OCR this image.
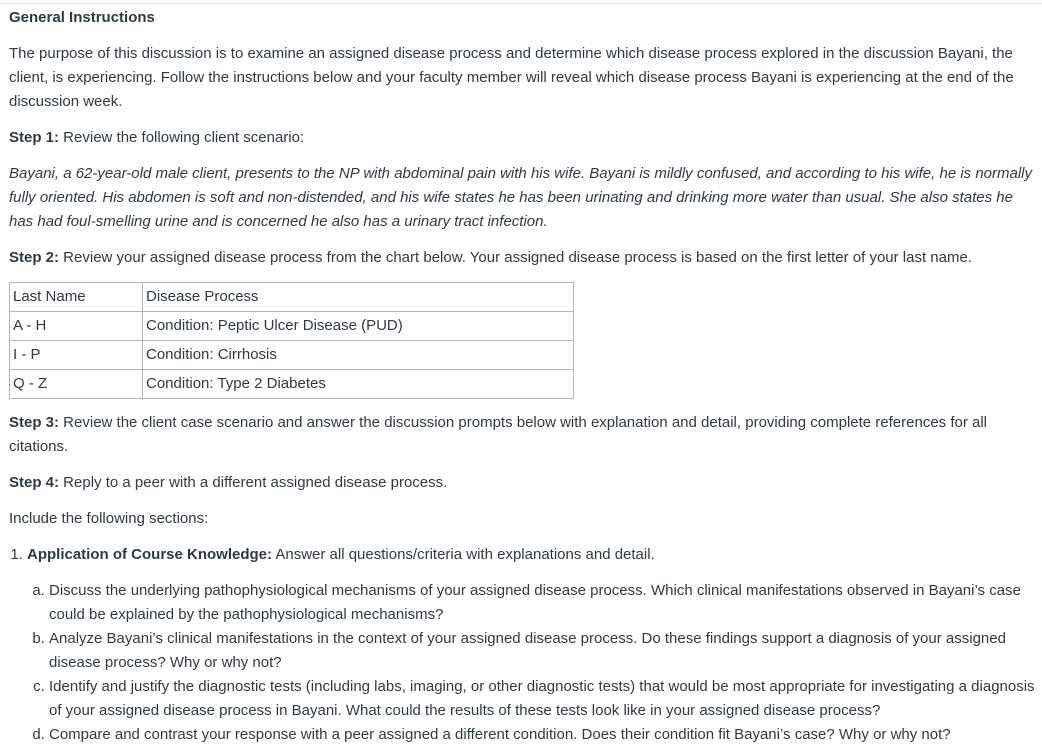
General Instructions

The purpose of this discussion is to examine an assigned disease process and determine which disease process explored in the discussion Bayani, the client, is experiencing. Follow the instructions below and your faculty member will reveal which disease process Bayani is experiencing at the end of the discussion week.

Step 1: Review the following client scenario:

Bayani, a 62-year-old male client, presents to the NP with abdominal pain with his wife. Bayani is mildly confused, and according to his wife, he is normally fully oriented. His abdomen is soft and non-distended, and his wife states he has been urinating and drinking more water than usual. She also states he has had foul-smelling urine and is concerned he also has a urinary tract infection.

Step 2: Review your assigned disease process from the chart below. Your assigned disease process is based on the first letter of your last name.

Last Name	Disease Process
A - H	Condition: Peptic Ulcer Disease (PUD)
I - P	Condition: Cirrhosis
Q - Z	Condition: Type 2 Diabetes

Step 3: Review the client case scenario and answer the discussion prompts below with explanation and detail, providing complete references for all citations.

Step 4: Reply to a peer with a different assigned disease process.

Include the following sections:

1. Application of Course Knowledge: Answer all questions/criteria with explanations and detail.
a. Discuss the underlying pathophysiological mechanisms of your assigned disease process. Which clinical manifestations observed in Bayani’s case could be explained by the pathophysiological mechanisms?
b. Analyze Bayani’s clinical manifestations in the context of your assigned disease process. Do these findings support a diagnosis of your assigned disease process? Why or why not?
c. Identify and justify the diagnostic tests (including labs, imaging, or other diagnostic tests) that would be most appropriate for investigating a diagnosis of your assigned disease process in Bayani. What could the results of these tests look like in your assigned disease process?
d. Compare and contrast your response with a peer assigned a different condition. Does their condition fit Bayani’s case? Why or why not?
